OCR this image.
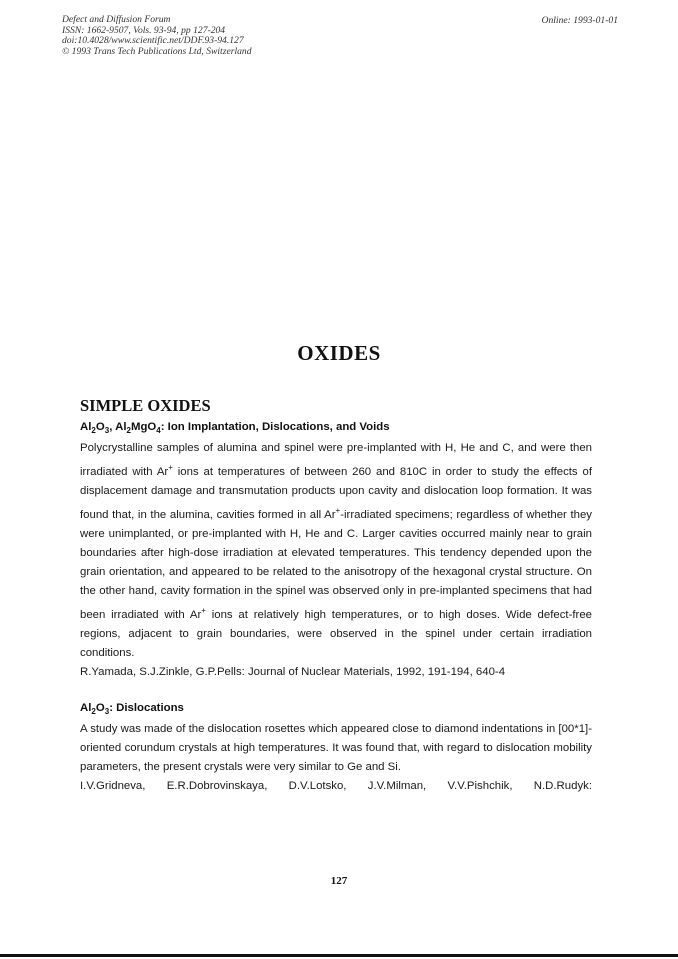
Defect and Diffusion Forum
ISSN: 1662-9507, Vols. 93-94, pp 127-204
doi:10.4028/www.scientific.net/DDF.93-94.127
© 1993 Trans Tech Publications Ltd, Switzerland
Online: 1993-01-01
OXIDES
SIMPLE OXIDES
$Al_2O_3$, $Al_2MgO_4$: Ion Implantation, Dislocations, and Voids
Polycrystalline samples of alumina and spinel were pre-implanted with H, He and C, and were then irradiated with Ar+ ions at temperatures of between 260 and 810C in order to study the effects of displacement damage and transmutation products upon cavity and dislocation loop formation. It was found that, in the alumina, cavities formed in all Ar+-irradiated specimens; regardless of whether they were unimplanted, or pre-implanted with H, He and C. Larger cavities occurred mainly near to grain boundaries after high-dose irradiation at elevated temperatures. This tendency depended upon the grain orientation, and appeared to be related to the anisotropy of the hexagonal crystal structure. On the other hand, cavity formation in the spinel was observed only in pre-implanted specimens that had been irradiated with Ar+ ions at relatively high temperatures, or to high doses. Wide defect-free regions, adjacent to grain boundaries, were observed in the spinel under certain irradiation conditions.
R.Yamada, S.J.Zinkle, G.P.Pells: Journal of Nuclear Materials, 1992, 191-194, 640-4
$Al_2O_3$: Dislocations
A study was made of the dislocation rosettes which appeared close to diamond indentations in [00*1]-oriented corundum crystals at high temperatures. It was found that, with regard to dislocation mobility parameters, the present crystals were very similar to Ge and Si.
I.V.Gridneva, E.R.Dobrovinskaya, D.V.Lotsko, J.V.Milman, V.V.Pishchik, N.D.Rudyk:
127
